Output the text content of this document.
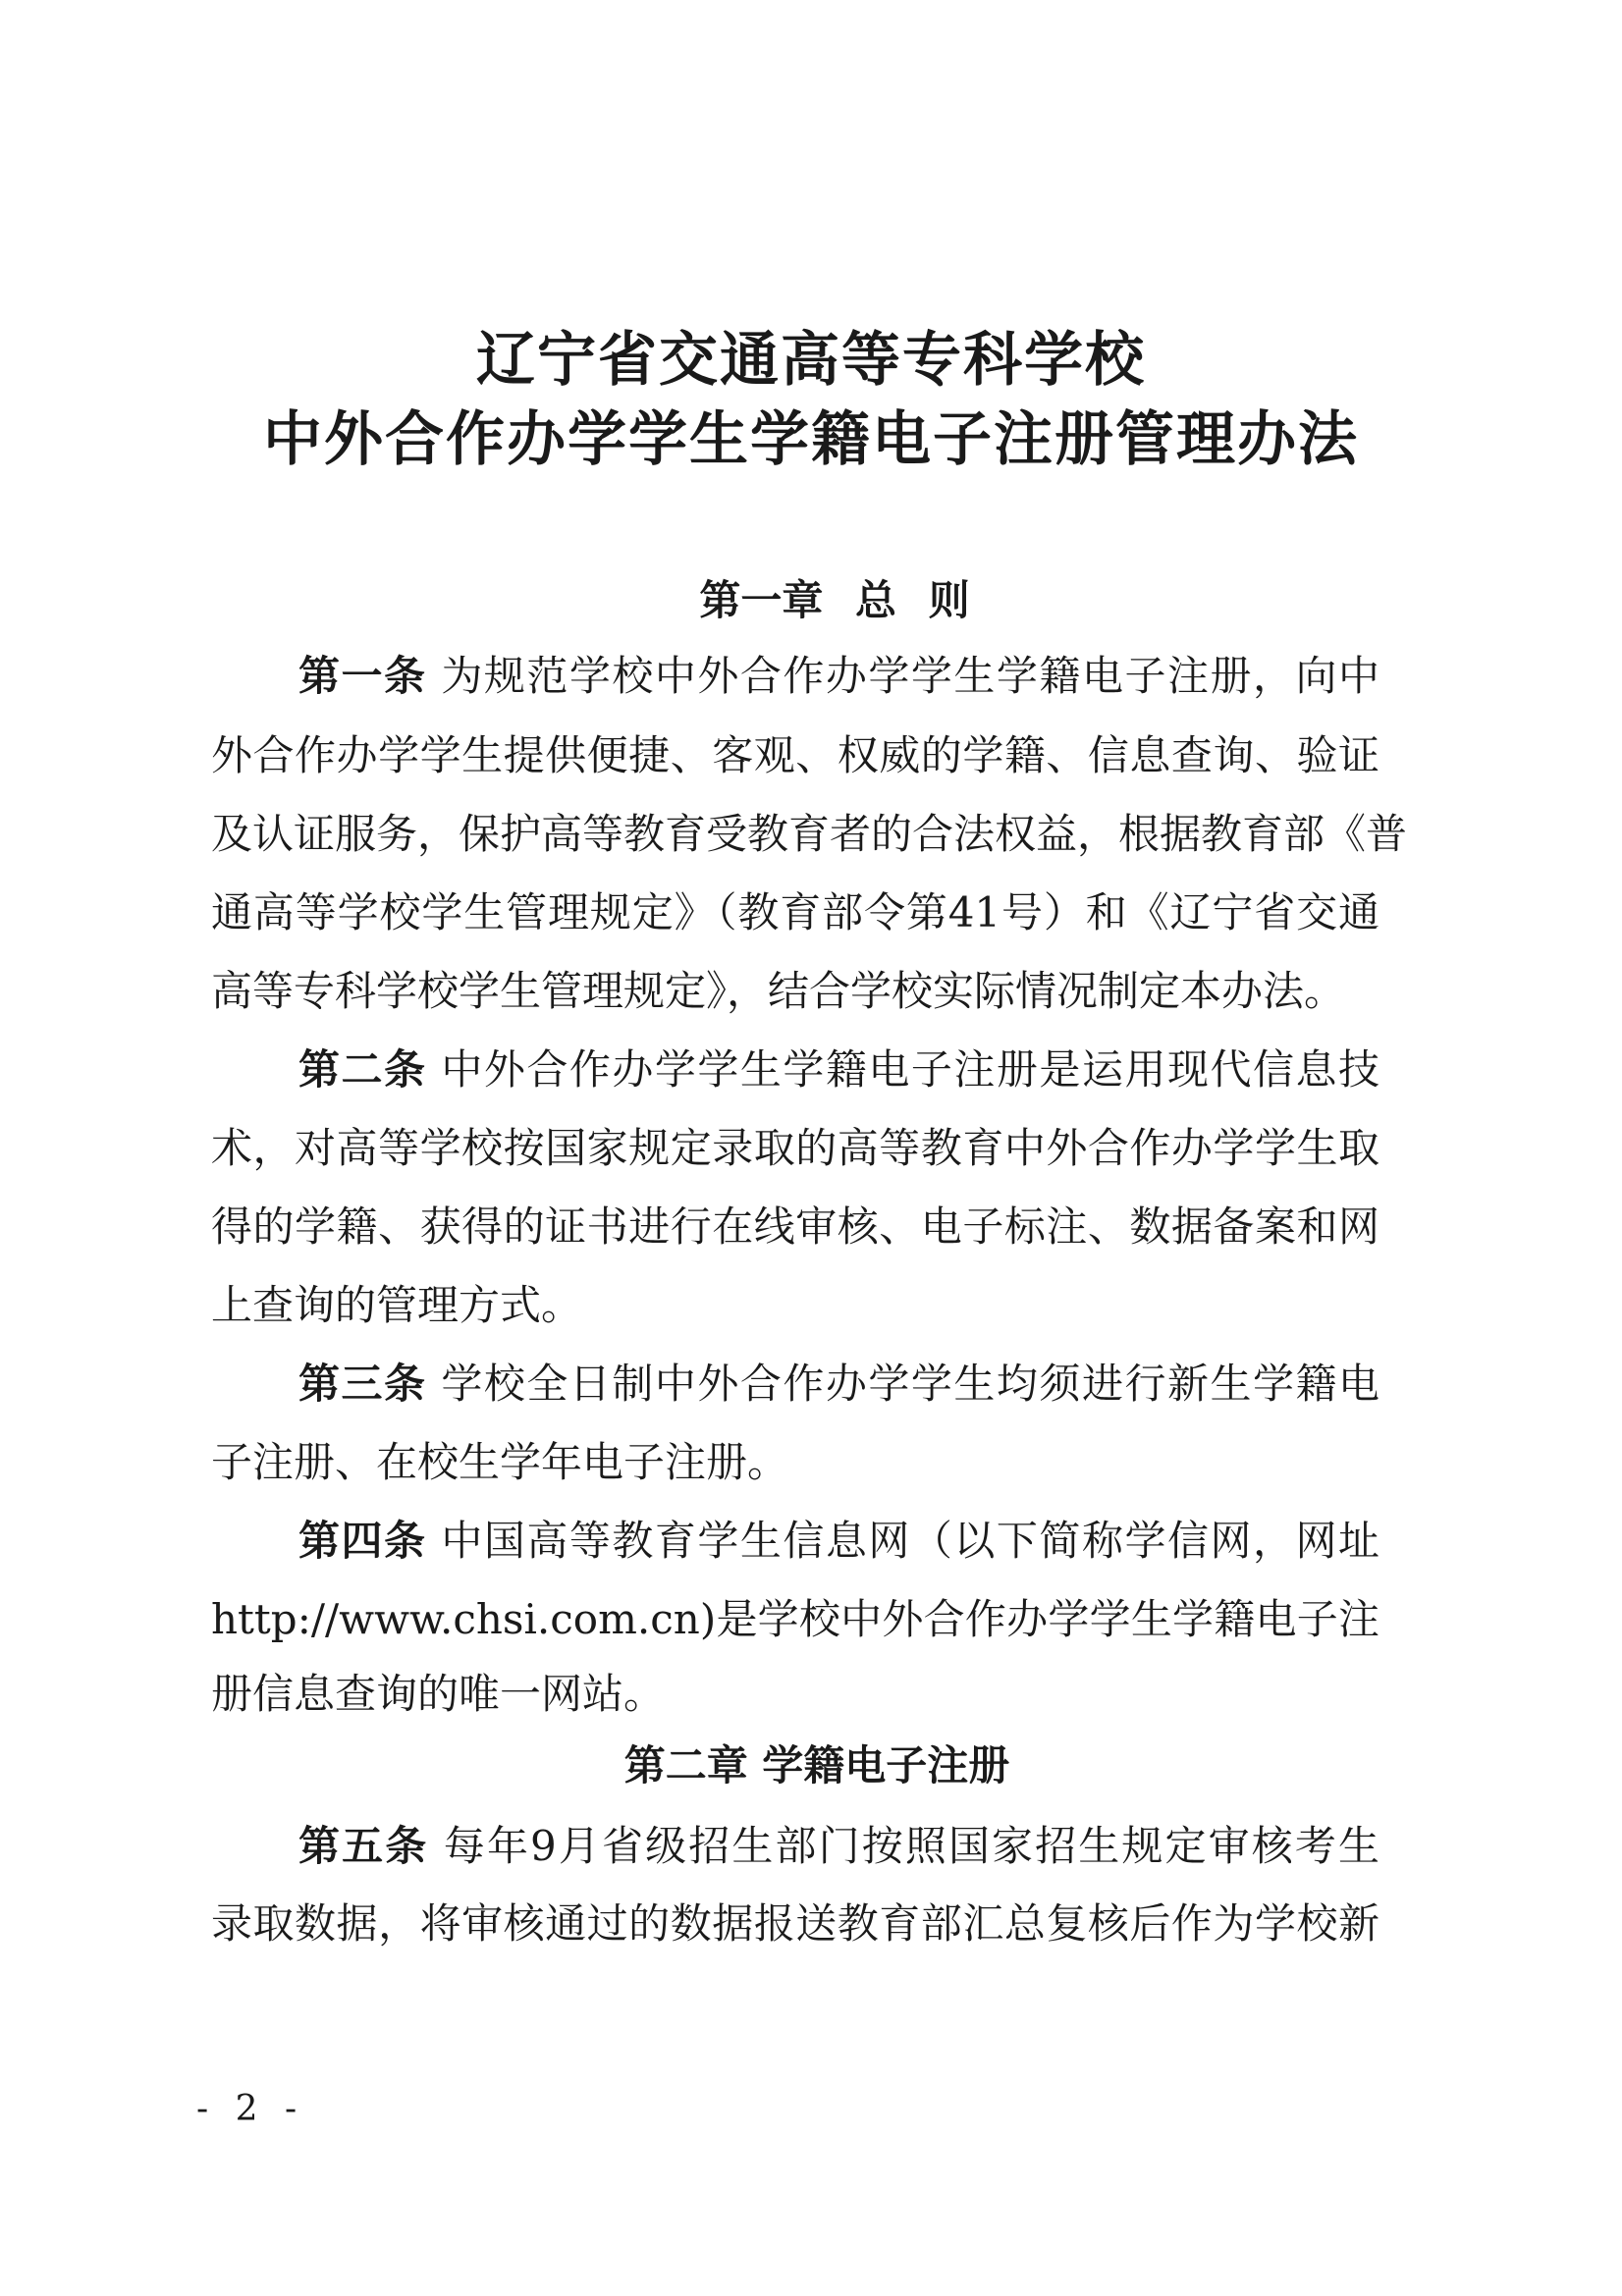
辽宁省交通高等专科学校
中外合作办学学生学籍电子注册管理办法
第一章 总 则
第一条 为规范学校中外合作办学学生学籍电子注册，向中
外合作办学学生提供便捷、客观、权威的学籍、信息查询、验证
及认证服务，保护高等教育受教育者的合法权益，根据教育部《普
通高等学校学生管理规定》（教育部令第41号）和《辽宁省交通
高等专科学校学生管理规定》，结合学校实际情况制定本办法。
第二条 中外合作办学学生学籍电子注册是运用现代信息技
术，对高等学校按国家规定录取的高等教育中外合作办学学生取
得的学籍、获得的证书进行在线审核、电子标注、数据备案和网
上查询的管理方式。
第三条 学校全日制中外合作办学学生均须进行新生学籍电
子注册、在校生学年电子注册。
第四条 中国高等教育学生信息网（以下简称学信网，网址
http://www.chsi.com.cn)是学校中外合作办学学生学籍电子注
册信息查询的唯一网站。
第二章 学籍电子注册
第五条 每年9月省级招生部门按照国家招生规定审核考生
录取数据，将审核通过的数据报送教育部汇总复核后作为学校新
- 2 -
